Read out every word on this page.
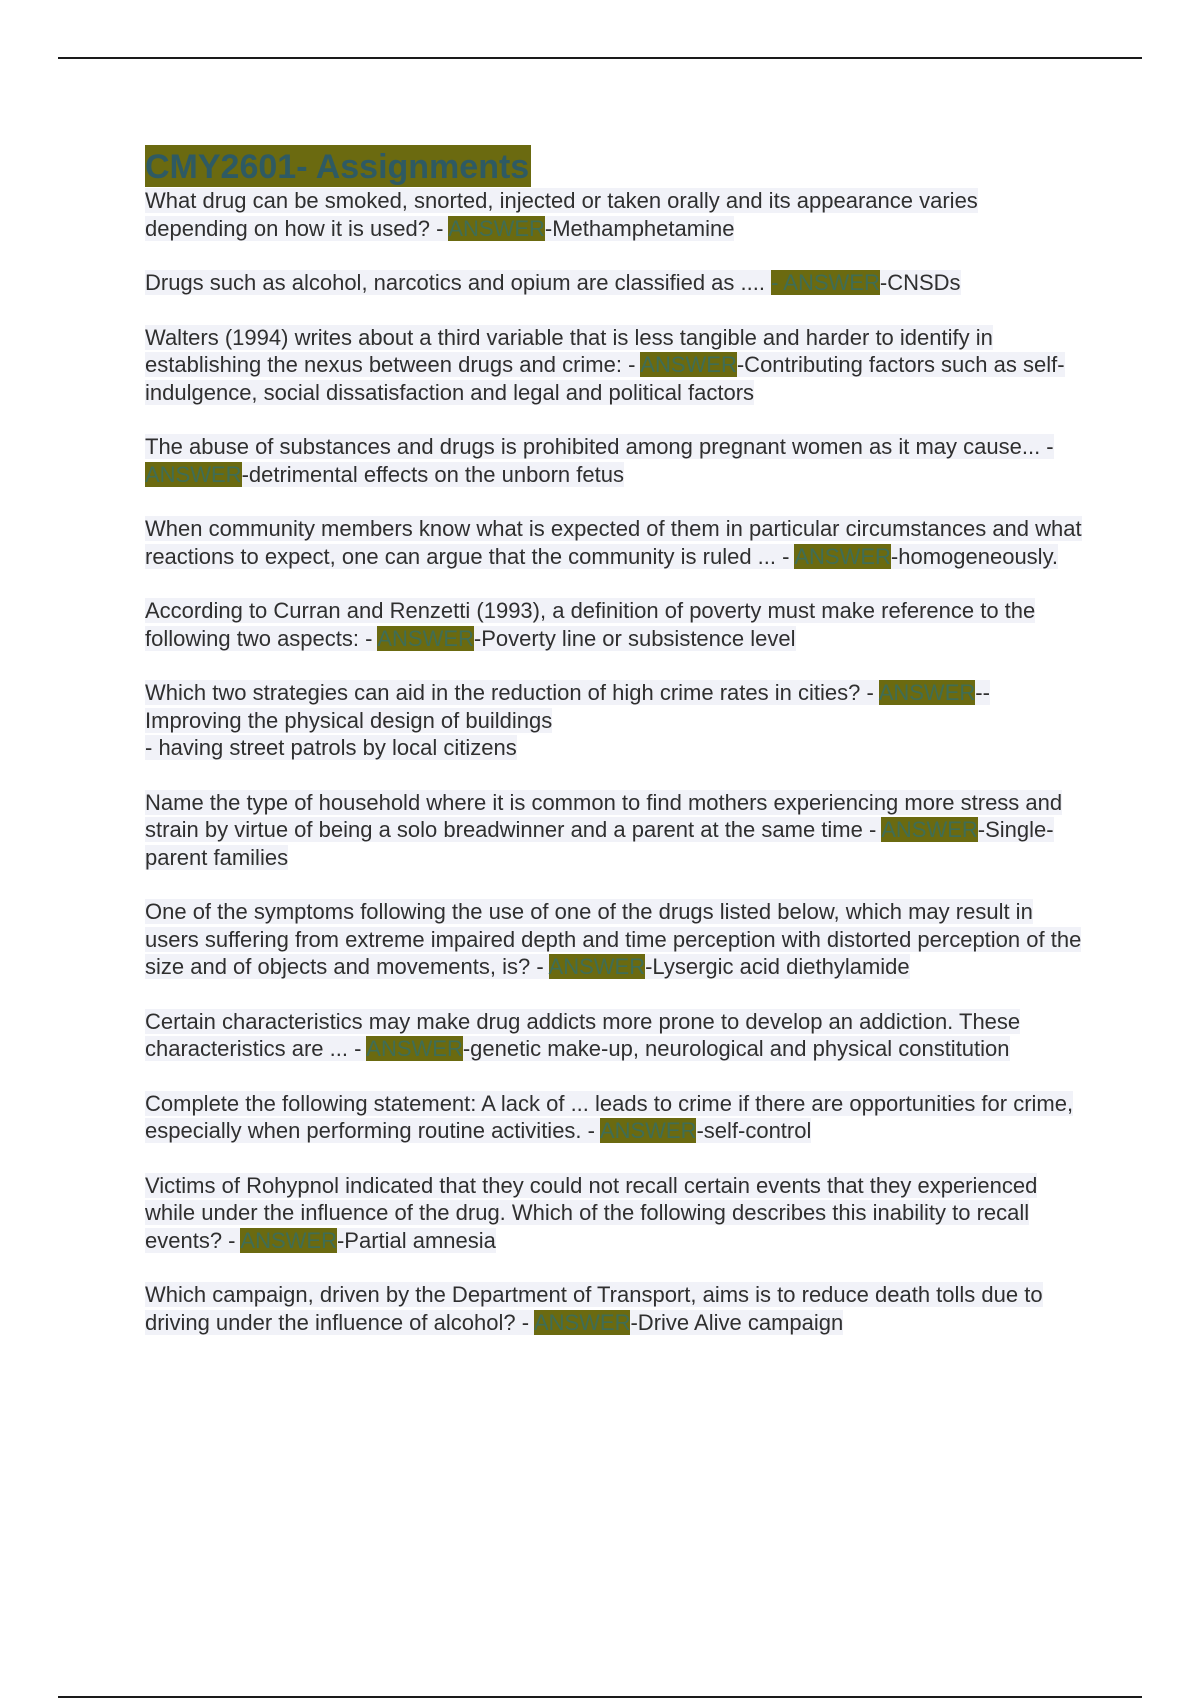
CMY2601- Assignments

What drug can be smoked, snorted, injected or taken orally and its appearance varies depending on how it is used? - ANSWER-Methamphetamine

Drugs such as alcohol, narcotics and opium are classified as .... - ANSWER-CNSDs

Walters (1994) writes about a third variable that is less tangible and harder to identify in establishing the nexus between drugs and crime: - ANSWER-Contributing factors such as self-indulgence, social dissatisfaction and legal and political factors

The abuse of substances and drugs is prohibited among pregnant women as it may cause... - ANSWER-detrimental effects on the unborn fetus

When community members know what is expected of them in particular circumstances and what reactions to expect, one can argue that the community is ruled ... - ANSWER-homogeneously.

According to Curran and Renzetti (1993), a definition of poverty must make reference to the following two aspects: - ANSWER-Poverty line or subsistence level

Which two strategies can aid in the reduction of high crime rates in cities? - ANSWER-- Improving the physical design of buildings
- having street patrols by local citizens

Name the type of household where it is common to find mothers experiencing more stress and strain by virtue of being a solo breadwinner and a parent at the same time - ANSWER-Single-parent families

One of the symptoms following the use of one of the drugs listed below, which may result in users suffering from extreme impaired depth and time perception with distorted perception of the size and of objects and movements, is? - ANSWER-Lysergic acid diethylamide

Certain characteristics may make drug addicts more prone to develop an addiction. These characteristics are ... - ANSWER-genetic make-up, neurological and physical constitution

Complete the following statement: A lack of ... leads to crime if there are opportunities for crime, especially when performing routine activities. - ANSWER-self-control

Victims of Rohypnol indicated that they could not recall certain events that they experienced while under the influence of the drug. Which of the following describes this inability to recall events? - ANSWER-Partial amnesia

Which campaign, driven by the Department of Transport, aims is to reduce death tolls due to driving under the influence of alcohol? - ANSWER-Drive Alive campaign
